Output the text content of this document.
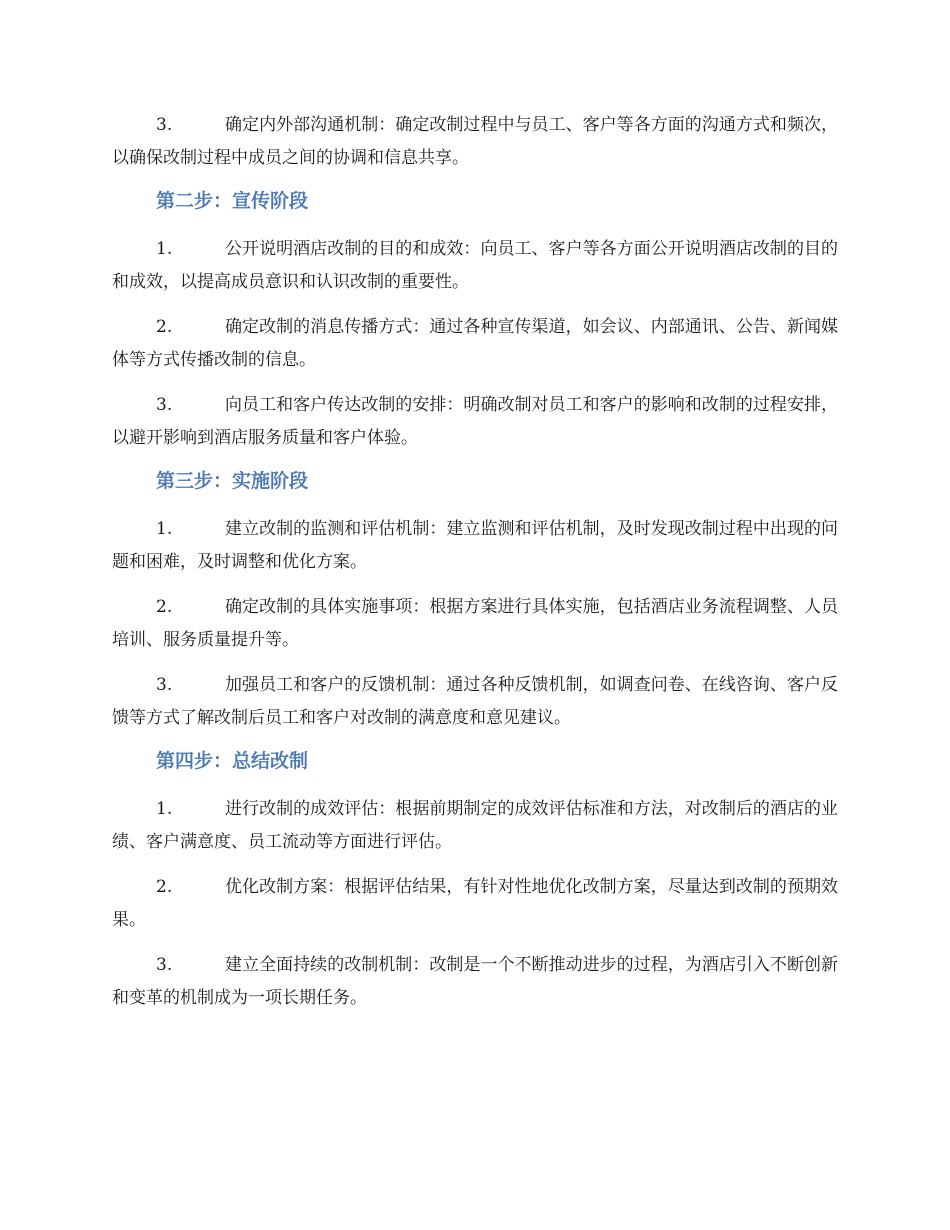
3.	确定内外部沟通机制：确定改制过程中与员工、客户等各方面的沟通方式和频次，以确保改制过程中成员之间的协调和信息共享。
第二步：宣传阶段
1.	公开说明酒店改制的目的和成效：向员工、客户等各方面公开说明酒店改制的目的和成效，以提高成员意识和认识改制的重要性。
2.	确定改制的消息传播方式：通过各种宣传渠道，如会议、内部通讯、公告、新闻媒体等方式传播改制的信息。
3.	向员工和客户传达改制的安排：明确改制对员工和客户的影响和改制的过程安排，以避开影响到酒店服务质量和客户体验。
第三步：实施阶段
1.	建立改制的监测和评估机制：建立监测和评估机制，及时发现改制过程中出现的问题和困难，及时调整和优化方案。
2.	确定改制的具体实施事项：根据方案进行具体实施，包括酒店业务流程调整、人员培训、服务质量提升等。
3.	加强员工和客户的反馈机制：通过各种反馈机制，如调查问卷、在线咨询、客户反馈等方式了解改制后员工和客户对改制的满意度和意见建议。
第四步：总结改制
1.	进行改制的成效评估：根据前期制定的成效评估标准和方法，对改制后的酒店的业绩、客户满意度、员工流动等方面进行评估。
2.	优化改制方案：根据评估结果，有针对性地优化改制方案，尽量达到改制的预期效果。
3.	建立全面持续的改制机制：改制是一个不断推动进步的过程，为酒店引入不断创新和变革的机制成为一项长期任务。
